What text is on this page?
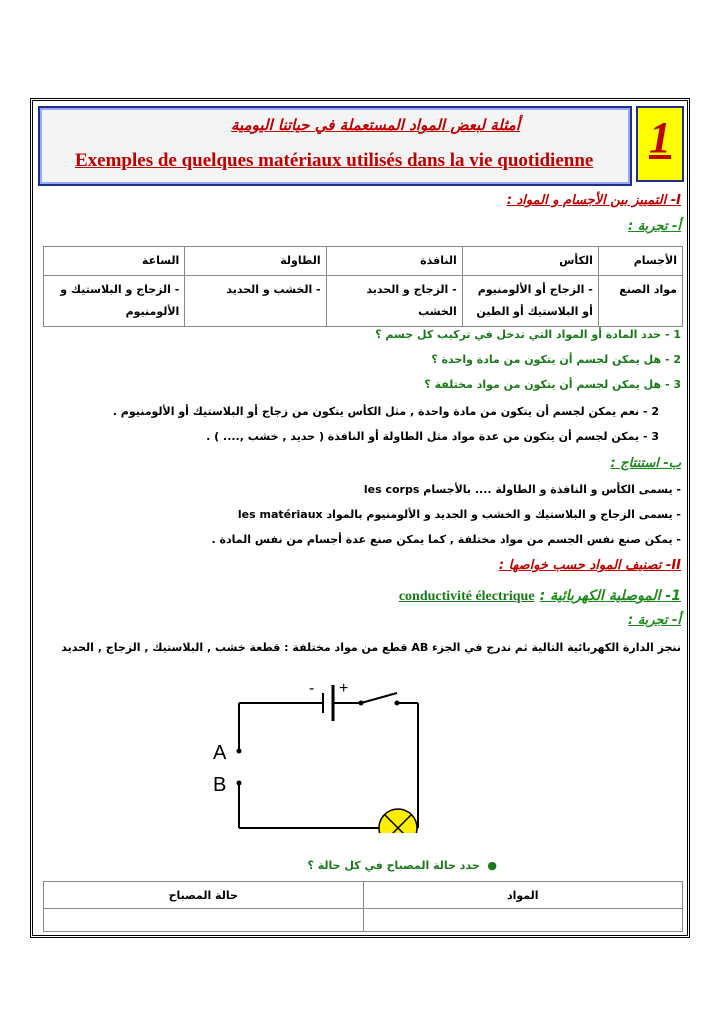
أمثلة لبعض المواد المستعملة في حياتنا اليومية
Exemples de quelques matériaux utilisés dans la vie quotidienne 1
I- التمييز بين الأجسام و المواد :
أ- تجربة :
الأجسام	الكأس	النافذة	الطاولة	الساعة
مواد الصنع	- الزجاج أو الألومنيوم أو البلاستيك أو الطين	- الزجاج و الحديد الخشب	- الخشب و الحديد	- الزجاج و البلاستيك و الألومنيوم
1 - حدد المادة أو المواد التي تدخل في تركيب كل جسم ؟
2 - هل يمكن لجسم أن يتكون من مادة واحدة ؟
3 - هل يمكن لجسم أن يتكون من مواد مختلفة ؟
2 - نعم يمكن لجسم أن يتكون من مادة واحدة , مثل الكأس يتكون من زجاج أو البلاستيك أو الألومنيوم .
3 - يمكن لجسم أن يتكون من عدة مواد مثل الطاولة أو النافذة ( حديد , خشب ,.... ) .
ب- استنتاج :
- يسمى الكأس و النافذة و الطاولة .... بالأجسام les corps
- يسمى الزجاج و البلاستيك و الخشب و الحديد و الألومنيوم بالمواد les matériaux
- يمكن صنع نفس الجسم من مواد مختلفة , كما يمكن صنع عدة أجسام من نفس المادة .
II- تصنيف المواد حسب خواصها :
1- الموصلية الكهربائية : conductivité électrique
أ- تجربة :
ننجز الدارة الكهربائية التالية ثم ندرج في الجزء AB قطع من مواد مختلفة : قطعة خشب , البلاستيك , الزجاج , الحديد
A
B
- +
●  حدد حالة المصباح في كل حالة ؟
المواد	حالة المصباح
